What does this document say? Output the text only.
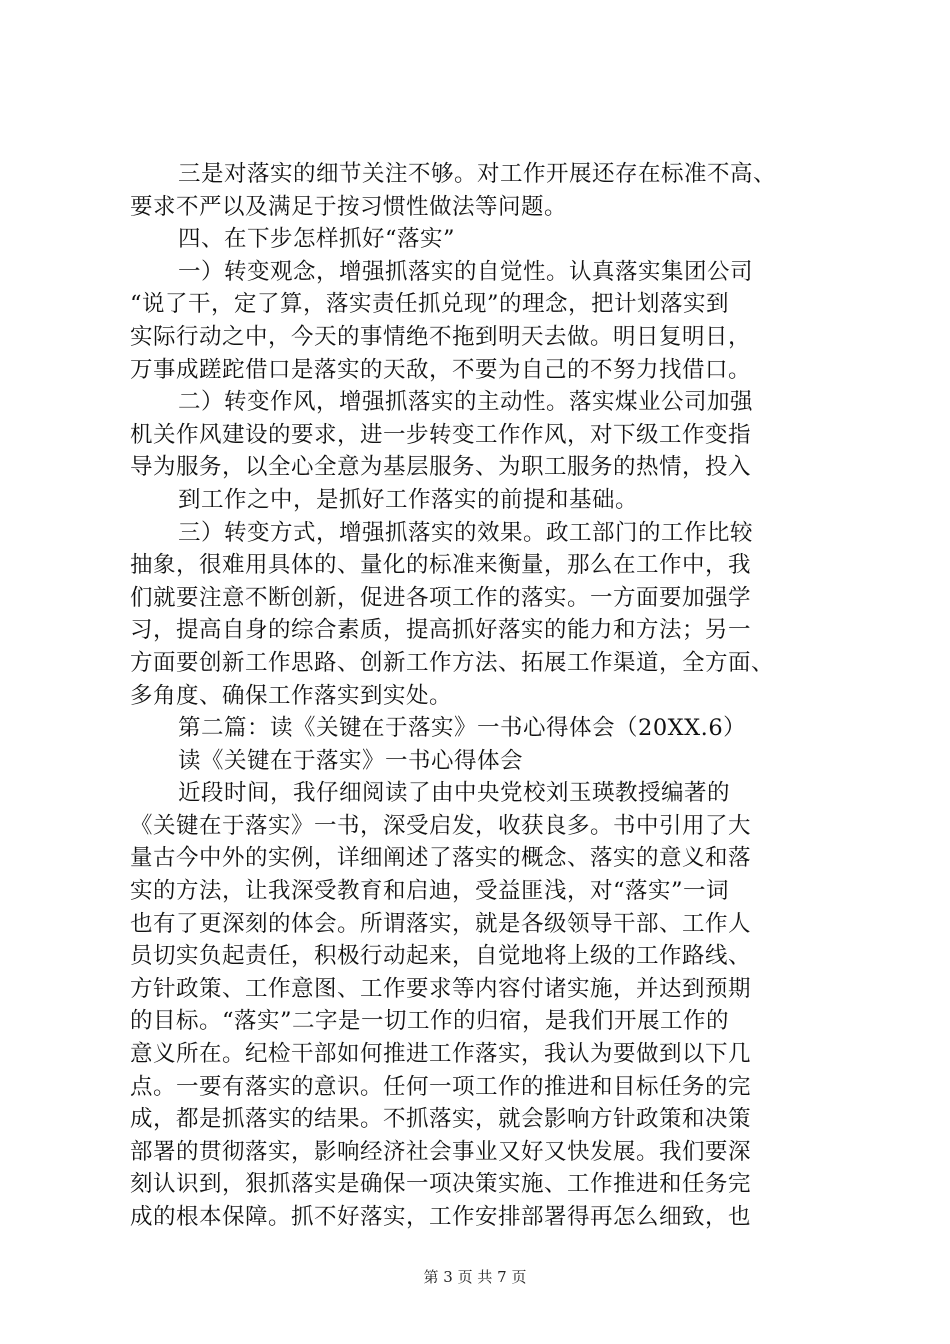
三是对落实的细节关注不够。对工作开展还存在标准不高、
要求不严以及满足于按习惯性做法等问题。
四、在下步怎样抓好“落实”
一）转变观念，增强抓落实的自觉性。认真落实集团公司
“说了干，定了算，落实责任抓兑现”的理念，把计划落实到
实际行动之中，今天的事情绝不拖到明天去做。明日复明日，
万事成蹉跎借口是落实的天敌，不要为自己的不努力找借口。
二）转变作风，增强抓落实的主动性。落实煤业公司加强
机关作风建设的要求，进一步转变工作作风，对下级工作变指
导为服务，以全心全意为基层服务、为职工服务的热情，投入
到工作之中，是抓好工作落实的前提和基础。
三）转变方式，增强抓落实的效果。政工部门的工作比较
抽象，很难用具体的、量化的标准来衡量，那么在工作中，我
们就要注意不断创新，促进各项工作的落实。一方面要加强学
习，提高自身的综合素质，提高抓好落实的能力和方法；另一
方面要创新工作思路、创新工作方法、拓展工作渠道，全方面、
多角度、确保工作落实到实处。
第二篇：读《关键在于落实》一书心得体会（20XX.6）
读《关键在于落实》一书心得体会
近段时间，我仔细阅读了由中央党校刘玉瑛教授编著的
《关键在于落实》一书，深受启发，收获良多。书中引用了大
量古今中外的实例，详细阐述了落实的概念、落实的意义和落
实的方法，让我深受教育和启迪，受益匪浅，对“落实”一词
也有了更深刻的体会。所谓落实，就是各级领导干部、工作人
员切实负起责任，积极行动起来，自觉地将上级的工作路线、
方针政策、工作意图、工作要求等内容付诸实施，并达到预期
的目标。“落实”二字是一切工作的归宿，是我们开展工作的
意义所在。纪检干部如何推进工作落实，我认为要做到以下几
点。一要有落实的意识。任何一项工作的推进和目标任务的完
成，都是抓落实的结果。不抓落实，就会影响方针政策和决策
部署的贯彻落实，影响经济社会事业又好又快发展。我们要深
刻认识到，狠抓落实是确保一项决策实施、工作推进和任务完
成的根本保障。抓不好落实，工作安排部署得再怎么细致，也
第 3 页 共 7 页
